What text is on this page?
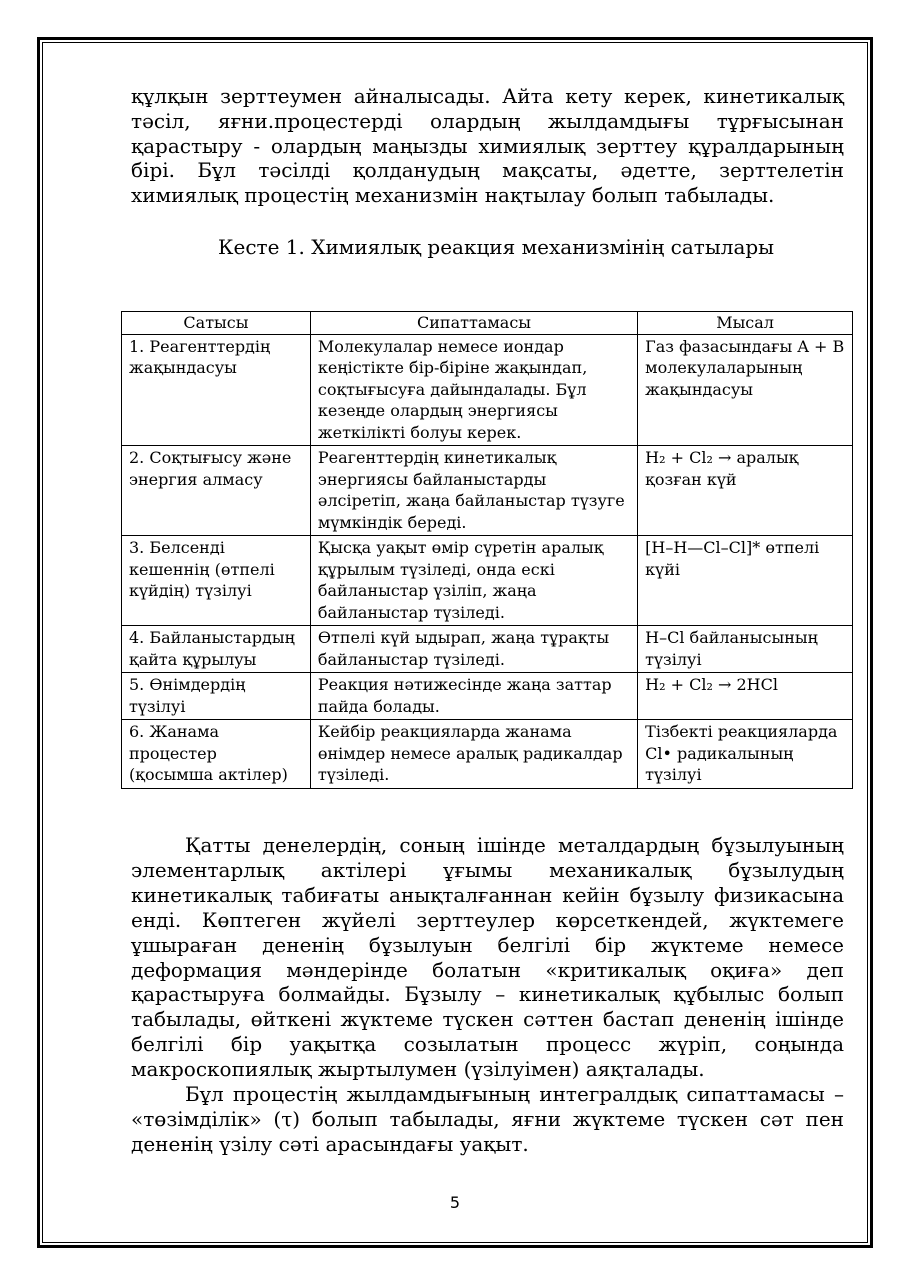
құлқын зерттеумен айналысады. Айта кету керек, кинетикалық тәсіл, яғни.процестерді олардың жылдамдығы тұрғысынан қарастыру - олардың маңызды химиялық зерттеу құралдарының бірі. Бұл тәсілді қолданудың мақсаты, әдетте, зерттелетін химиялық процестің механизмін нақтылау болып табылады.

Кесте 1. Химиялық реакция механизмінің сатылары
Сатысы	Сипаттамасы	Мысал
1. Реагенттердің жақындасуы	Молекулалар немесе иондар кеңістікте бір-біріне жақындап, соқтығысуға дайындалады. Бұл кезеңде олардың энергиясы жеткілікті болуы керек.	Газ фазасындағы A + B молекулаларының жақындасуы
2. Соқтығысу және энергия алмасу	Реагенттердің кинетикалық энергиясы байланыстарды әлсіретіп, жаңа байланыстар түзуге мүмкіндік береді.	H₂ + Cl₂ → аралық қозған күй
3. Белсенді кешеннің (өтпелі күйдің) түзілуі	Қысқа уақыт өмір сүретін аралық құрылым түзіледі, онда ескі байланыстар үзіліп, жаңа байланыстар түзіледі.	[H–H—Cl–Cl]* өтпелі күйі
4. Байланыстардың қайта құрылуы	Өтпелі күй ыдырап, жаңа тұрақты байланыстар түзіледі.	H–Cl байланысының түзілуі
5. Өнімдердің түзілуі	Реакция нәтижесінде жаңа заттар пайда болады.	H₂ + Cl₂ → 2HCl
6. Жанама процестер (қосымша актілер)	Кейбір реакцияларда жанама өнімдер немесе аралық радикалдар түзіледі.	Тізбекті реакцияларда Cl• радикалының түзілуі

Қатты денелердің, соның ішінде металдардың бұзылуының элементарлық актілері ұғымы механикалық бұзылудың кинетикалық табиғаты анықталғаннан кейін бұзылу физикасына енді. Көптеген жүйелі зерттеулер көрсеткендей, жүктемеге ұшыраған дененің бұзылуын белгілі бір жүктеме немесе деформация мәндерінде болатын «критикалық оқиға» деп қарастыруға болмайды. Бұзылу – кинетикалық құбылыс болып табылады, өйткені жүктеме түскен сәттен бастап дененің ішінде белгілі бір уақытқа созылатын процесс жүріп, соңында макроскопиялық жыртылумен (үзілуімен) аяқталады.

Бұл процестің жылдамдығының интегралдық сипаттамасы – «төзімділік» (τ) болып табылады, яғни жүктеме түскен сәт пен дененің үзілу сәті арасындағы уақыт.

5
